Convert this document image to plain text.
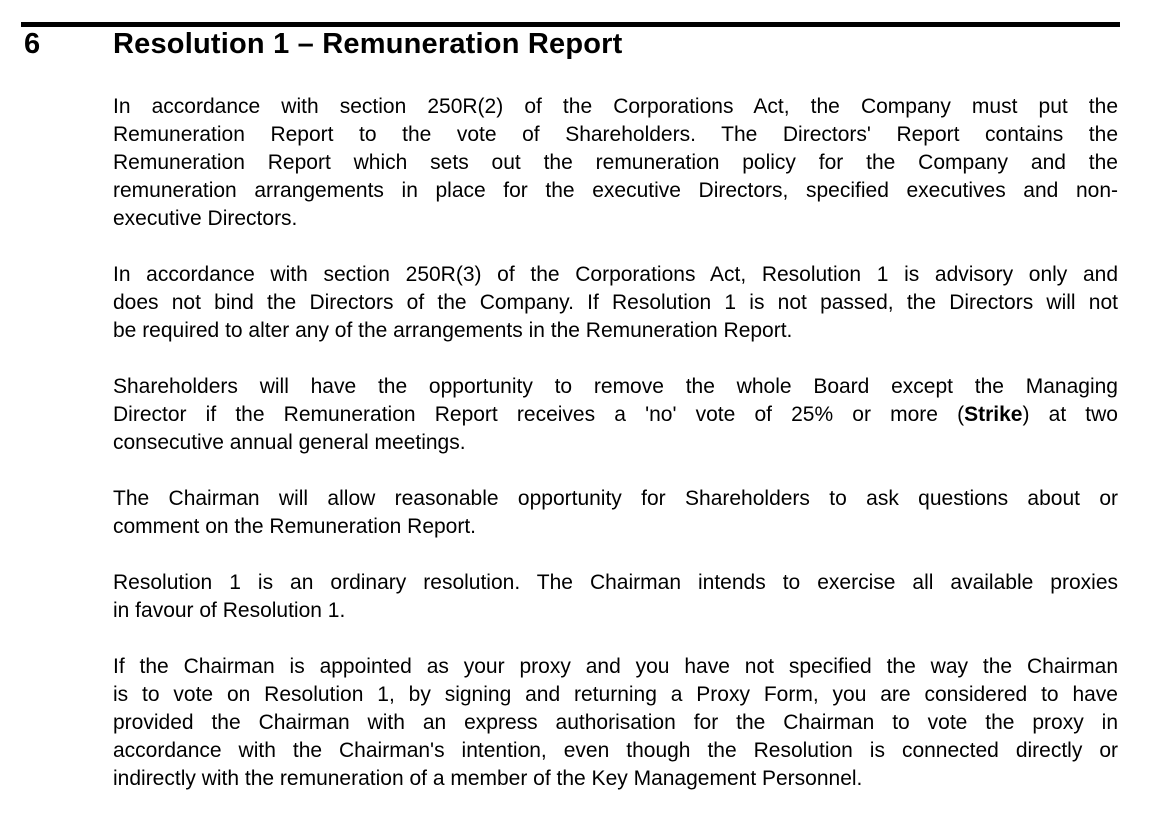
6	Resolution 1 – Remuneration Report
In accordance with section 250R(2) of the Corporations Act, the Company must put the
Remuneration Report to the vote of Shareholders. The Directors' Report contains the
Remuneration Report which sets out the remuneration policy for the Company and the
remuneration arrangements in place for the executive Directors, specified executives and non-
executive Directors.
In accordance with section 250R(3) of the Corporations Act, Resolution 1 is advisory only and
does not bind the Directors of the Company. If Resolution 1 is not passed, the Directors will not
be required to alter any of the arrangements in the Remuneration Report.
Shareholders will have the opportunity to remove the whole Board except the Managing
Director if the Remuneration Report receives a 'no' vote of 25% or more (Strike) at two
consecutive annual general meetings.
The Chairman will allow reasonable opportunity for Shareholders to ask questions about or
comment on the Remuneration Report.
Resolution 1 is an ordinary resolution. The Chairman intends to exercise all available proxies
in favour of Resolution 1.
If the Chairman is appointed as your proxy and you have not specified the way the Chairman
is to vote on Resolution 1, by signing and returning a Proxy Form, you are considered to have
provided the Chairman with an express authorisation for the Chairman to vote the proxy in
accordance with the Chairman's intention, even though the Resolution is connected directly or
indirectly with the remuneration of a member of the Key Management Personnel.
